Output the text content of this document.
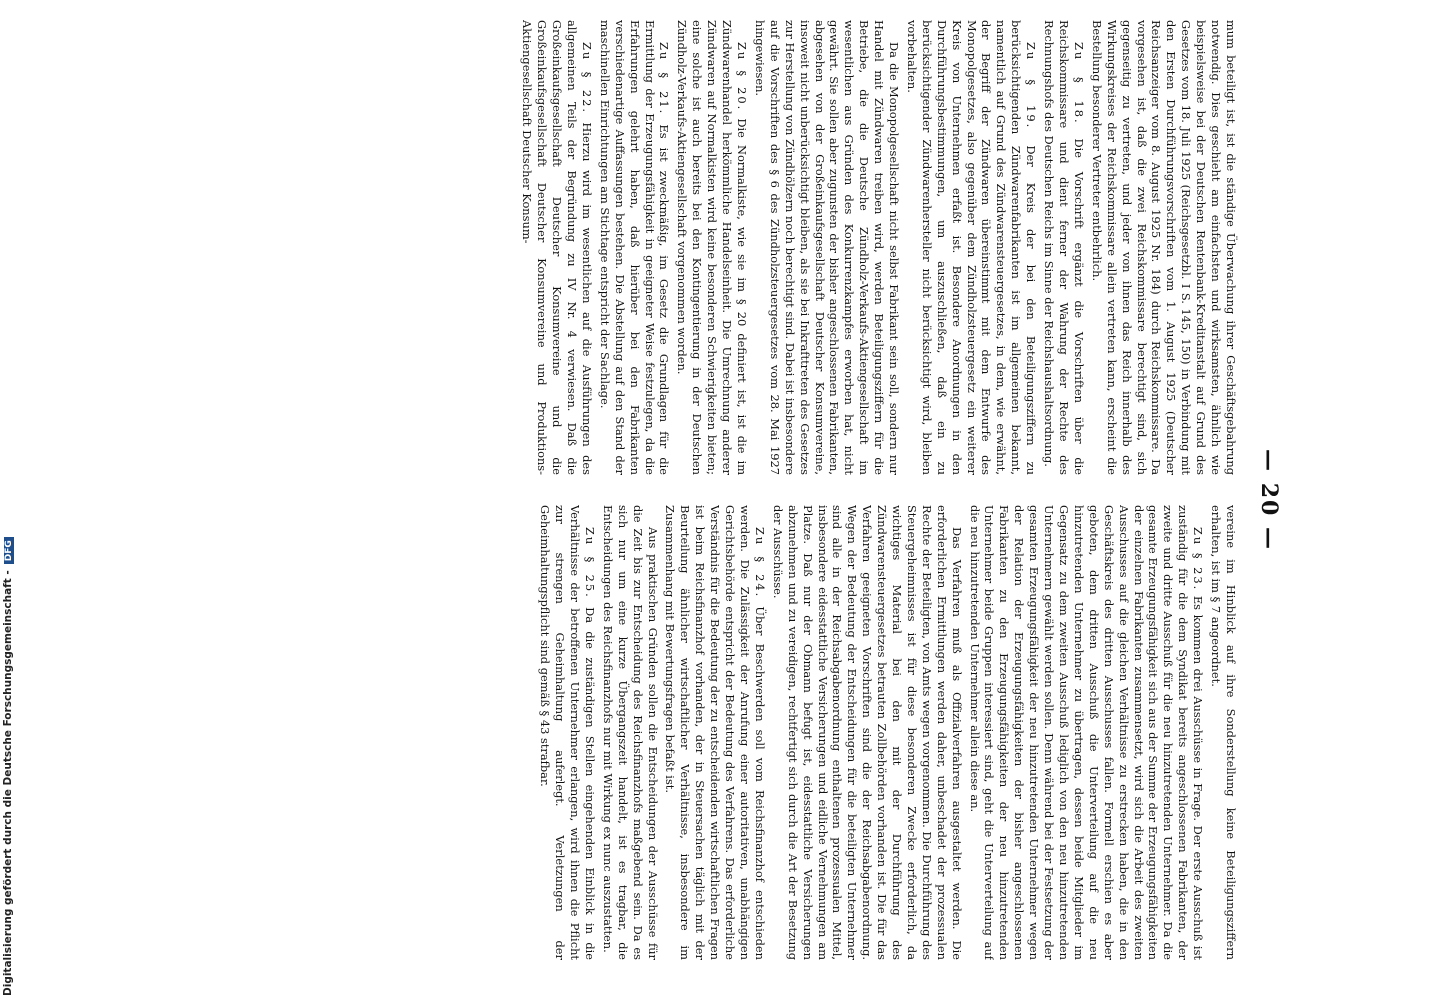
— 20 —

mum beteiligt ist, ist die ständige Überwachung ihrer Geschäftsgebahrung notwendig. Dies geschieht am einfachsten und wirksamsten, ähnlich wie beispielsweise bei der Deutschen Rentenbank-Kreditanstalt auf Grund des Gesetzes vom 18. Juli 1925 (Reichsgesetzbl. I S. 145, 150) in Verbindung mit den Ersten Durchführungsvorschriften vom 1. August 1925 (Deutscher Reichsanzeiger vom 8. August 1925 Nr. 184) durch Reichskommissare. Da vorgesehen ist, daß die zwei Reichskommissare berechtigt sind, sich gegenseitig zu vertreten, und jeder von ihnen das Reich innerhalb des Wirkungskreises der Reichskommissare allein vertreten kann, erscheint die Bestellung besonderer Vertreter entbehrlich.

Zu § 18. Die Vorschrift ergänzt die Vorschriften über die Reichskommissare und dient ferner der Wahrung der Rechte des Rechnungshofs des Deutschen Reichs im Sinne der Reichshaushaltsordnung.

Zu § 19. Der Kreis der bei den Beteiligungsziffern zu berücksichtigenden Zündwarenfabrikanten ist im allgemeinen bekannt, namentlich auf Grund des Zündwarensteuergesetzes, in dem, wie erwähnt, der Begriff der Zündwaren übereinstimmt mit dem Entwurfe des Monopolgesetzes, also gegenüber dem Zündholzsteuergesetz ein weiterer Kreis von Unternehmen erfaßt ist. Besondere Anordnungen in den Durchführungsbestimmungen, um auszuschließen, daß ein zu berücksichtigender Zündwarenhersteller nicht berücksichtigt wird, bleiben vorbehalten.

Da die Monopolgesellschaft nicht selbst Fabrikant sein soll, sondern nur Handel mit Zündwaren treiben wird, werden Beteiligungsziffern für die Betriebe, die die Deutsche Zündholz-Verkaufs-Aktiengesellschaft im wesentlichen aus Gründen des Konkurrenzkampfes erworben hat, nicht gewährt. Sie sollen aber zugunsten der bisher angeschlossenen Fabrikanten, abgesehen von der Großeinkaufsgesellschaft Deutscher Konsumvereine, insoweit nicht unberücksichtigt bleiben, als sie bei Inkrafttreten des Gesetzes zur Herstellung von Zündhölzern noch berechtigt sind. Dabei ist insbesondere auf die Vorschriften des § 6 des Zündholzsteuergesetzes vom 28. Mai 1927 hingewiesen.

Zu § 20. Die Normalkiste, wie sie im § 20 definiert ist, ist die im Zündwarenhandel herkömmliche Handelseinheit. Die Umrechnung anderer Zündwaren auf Normalkisten wird keine besonderen Schwierigkeiten bieten; eine solche ist auch bereits bei den Kontingentierung in der Deutschen Zündholz-Verkaufs-Aktiengesellschaft vorgenommen worden.

Zu § 21. Es ist zweckmäßig, im Gesetz die Grundlagen für die Ermittlung der Erzeugungsfähigkeit in geeigneter Weise festzulegen, da die Erfahrungen gelehrt haben, daß hierüber bei den Fabrikanten verschiedenartige Auffassungen bestehen. Die Abstellung auf den Stand der maschinellen Einrichtungen am Stichtage entspricht der Sachlage.

Zu § 22. Hierzu wird im wesentlichen auf die Ausführungen des allgemeinen Teils der Begründung zu IV Nr. 4 verwiesen. Daß die Großeinkaufsgesellschaft Deutscher Konsumvereine und die Großeinkaufsgesellschaft Deutscher Konsumvereine und Produktions-Aktiengesellschaft Deutscher Konsum-

vereine im Hinblick auf ihre Sonderstellung keine Beteiligungsziffern erhalten, ist im § 7 angeordnet.

Zu § 23. Es kommen drei Ausschüsse in Frage. Der erste Ausschuß ist zuständig für die dem Syndikat bereits angeschlossenen Fabrikanten, der zweite und dritte Ausschuß für die neu hinzutretenden Unternehmer. Da die gesamte Erzeugungsfähigkeit sich aus der Summe der Erzeugungsfähigkeiten der einzelnen Fabrikanten zusammensetzt, wird sich die Arbeit des zweiten Ausschusses auf die gleichen Verhältnisse zu erstrecken haben, die in den Geschäftskreis des dritten Ausschusses fallen. Formell erschien es aber geboten, dem dritten Ausschuß die Unterverteilung auf die neu hinzutretenden Unternehmer zu übertragen, dessen beide Mitglieder im Gegensatz zu dem zweiten Ausschuß lediglich von den neu hinzutretenden Unternehmern gewählt werden sollen. Denn während bei der Festsetzung der gesamten Erzeugungsfähigkeit der neu hinzutretenden Unternehmer wegen der Relation der Erzeugungsfähigkeiten der bisher angeschlossenen Fabrikanten zu den Erzeugungsfähigkeiten der neu hinzutretenden Unternehmer beide Gruppen interessiert sind, geht die Unterverteilung auf die neu hinzutretenden Unternehmer allein diese an.

Das Verfahren muß als Offizialverfahren ausgestaltet werden. Die erforderlichen Ermittlungen werden daher, unbeschadet der prozessualen Rechte der Beteiligten, von Amts wegen vorgenommen. Die Durchführung des Steuergeheimnisses ist für diese besonderen Zwecke erforderlich, da wichtiges Material bei den mit der Durchführung des Zündwarensteuergesetzes betrauten Zollbehörden vorhanden ist. Die für das Verfahren geeigneten Vorschriften sind die der Reichsabgabenordnung. Wegen der Bedeutung der Entscheidungen für die beteiligten Unternehmer sind alle in der Reichsabgabenordnung enthaltenen prozessualen Mittel, insbesondere eidesstattliche Versicherungen und eidliche Vernehmungen am Platze. Daß nur der Obmann befugt ist, eidesstattliche Versicherungen abzunehmen und zu vereidigen, rechtfertigt sich durch die Art der Besetzung der Ausschüsse.

Zu § 24. Über Beschwerden soll vom Reichsfinanzhof entschieden werden. Die Zulässigkeit der Anrufung einer autoritativen, unabhängigen Gerichtsbehörde entspricht der Bedeutung des Verfahrens. Das erforderliche Verständnis für die Bedeutung der zu entscheidenden wirtschaftlichen Fragen ist beim Reichsfinanzhof vorhanden, der in Steuersachen täglich mit der Beurteilung ähnlicher wirtschaftlicher Verhältnisse, insbesondere im Zusammenhang mit Bewertungsfragen befaßt ist.

Aus praktischen Gründen sollen die Entscheidungen der Ausschüsse für die Zeit bis zur Entscheidung des Reichsfinanzhofs maßgebend sein. Da es sich nur um eine kurze Übergangszeit handelt, ist es tragbar, die Entscheidungen des Reichsfinanzhofs nur mit Wirkung ex nunc auszustatten.

Zu § 25. Da die zuständigen Stellen eingehenden Einblick in die Verhältnisse der betroffenen Unternehmer erlangen, wird ihnen die Pflicht zur strengen Geheimhaltung auferlegt. Verletzungen der Geheimhaltungspflicht sind gemäß § 43 strafbar.

Digitalisierung gefördert durch die Deutsche Forschungsgemeinschaft -DFG
